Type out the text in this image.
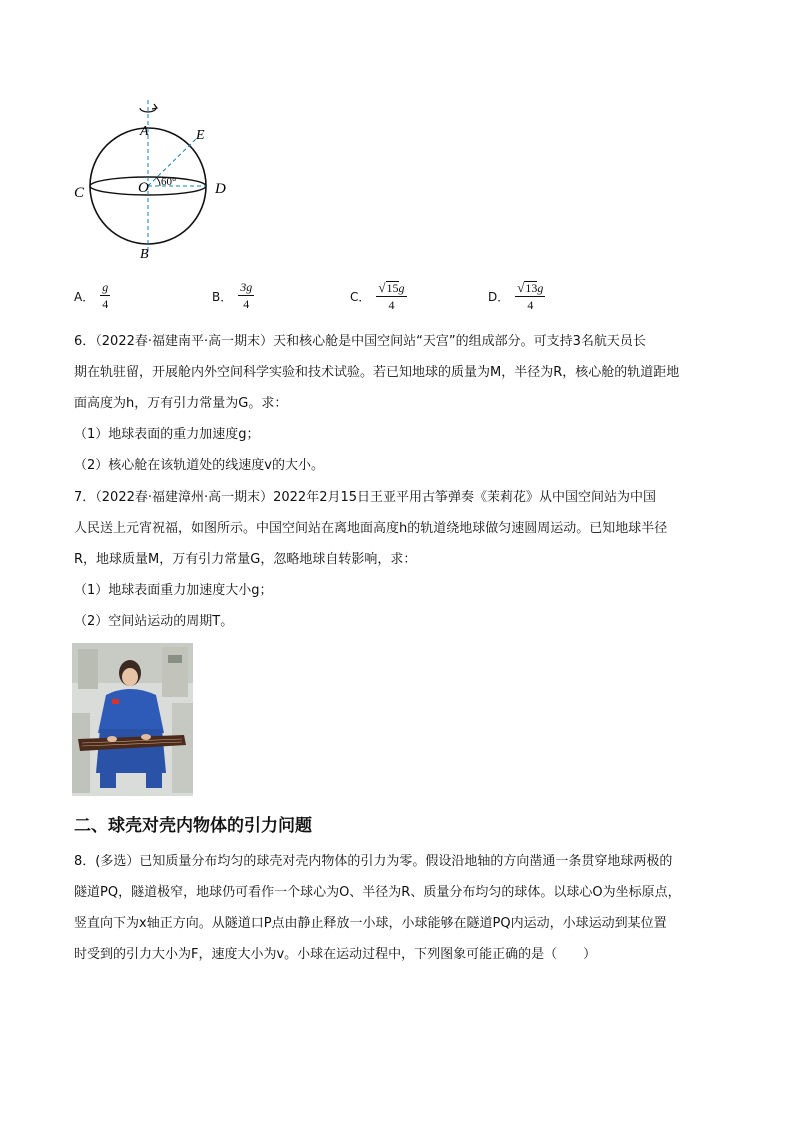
A	E
C	O 60°	D
B
A． $\frac{g}{4}$	B． $\frac{3g}{4}$	C． $\frac{√ 15 g}{4}$	D． $\frac{√ 13 g}{4}$
6．（2022春·福建南平·高一期末）天和核心舱是中国空间站“天宫”的组成部分。可支持3名航天员长
期在轨驻留，开展舱内外空间科学实验和技术试验。若已知地球的质量为M，半径为R，核心舱的轨道距地
面高度为h，万有引力常量为G。求：
（1）地球表面的重力加速度g；
（2）核心舱在该轨道处的线速度v的大小。
7．（2022春·福建漳州·高一期末）2022年2月15日王亚平用古筝弹奏《茉莉花》从中国空间站为中国
人民送上元宵祝福，如图所示。中国空间站在离地面高度h的轨道绕地球做匀速圆周运动。已知地球半径
R，地球质量M，万有引力常量G，忽略地球自转影响，求：
（1）地球表面重力加速度大小g；
（2）空间站运动的周期T。
二、球壳对壳内物体的引力问题
8．(多选）已知质量分布均匀的球壳对壳内物体的引力为零。假设沿地轴的方向凿通一条贯穿地球两极的
隧道PQ，隧道极窄，地球仍可看作一个球心为O、半径为R、质量分布均匀的球体。以球心O为坐标原点，
竖直向下为x轴正方向。从隧道口P点由静止释放一小球，小球能够在隧道PQ内运动，小球运动到某位置
时受到的引力大小为F，速度大小为v。小球在运动过程中，下列图象可能正确的是（　　）
